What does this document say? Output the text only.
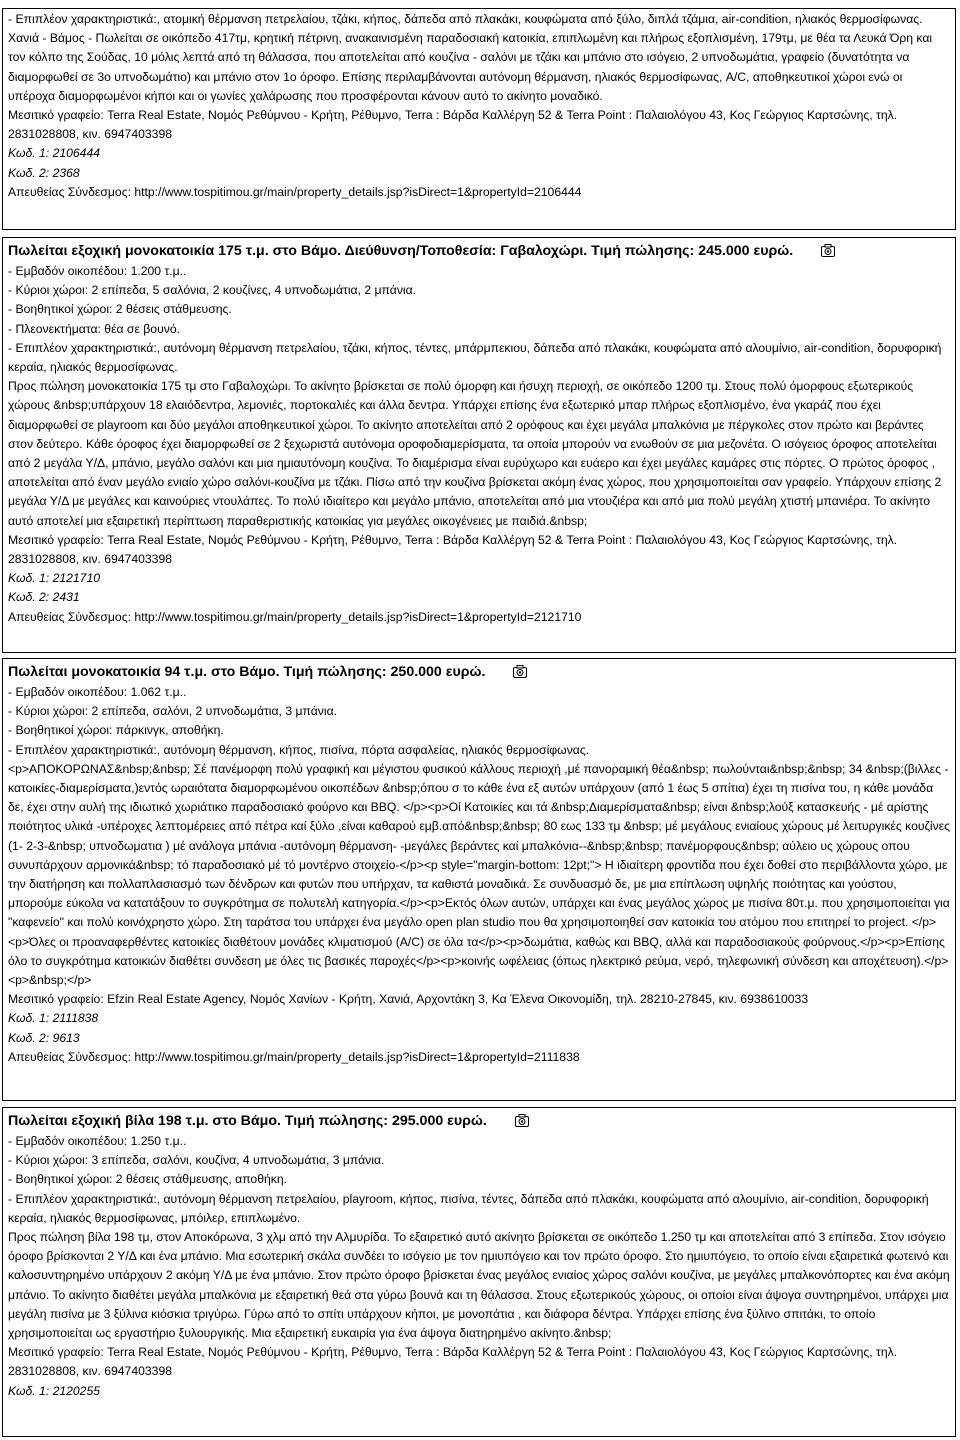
- Επιπλέον χαρακτηριστικά:, ατομική θέρμανση πετρελαίου, τζάκι, κήπος, δάπεδα από πλακάκι, κουφώματα από ξύλο, διπλά τζάμια, air-condition, ηλιακός θερμοσίφωνας.

Χανιά - Βάμος - Πωλείται σε οικόπεδο 417τμ, κρητική πέτρινη, ανακαινισμένη παραδοσιακή κατοικία, επιπλωμένη και πλήρως εξοπλισμένη, 179τμ, με θέα τα Λευκά Όρη και τον κόλπο της Σούδας, 10 μόλις λεπτά από τη θάλασσα, που αποτελείται από κουζίνα - σαλόνι με τζάκι και μπάνιο στο ισόγειο, 2 υπνοδωμάτια, γραφείο (δυνατότητα να διαμορφωθεί σε 3ο υπνοδωμάτιο) και μπάνιο στον 1ο όροφο. Επίσης περιλαμβάνονται αυτόνομη θέρμανση, ηλιακός θερμοσίφωνας, A/C, αποθηκευτικοί χώροι ενώ οι υπέροχα διαμορφωμένοι κήποι και οι γωνίες χαλάρωσης που προσφέρονται κάνουν αυτό το ακίνητο μοναδικό.

Μεσιτικό γραφείο: Terra Real Estate, Νομός Ρεθύμνου - Κρήτη, Ρέθυμνο, Terra : Βάρδα Καλλέργη 52 & Terra Point : Παλαιολόγου 43, Κος Γεώργιος Καρτσώνης, τηλ. 2831028808, κιν. 6947403398

Κωδ. 1: 2106444

Κωδ. 2: 2368

Απευθείας Σύνδεσμος: http://www.tospitimou.gr/main/property_details.jsp?isDirect=1&propertyId=2106444

Πωλείται εξοχική μονοκατοικία 175 τ.μ. στο Βάμο. Διεύθυνση/Τοποθεσία: Γαβαλοχώρι. Τιμή πώλησης: 245.000 ευρώ.

- Εμβαδόν οικοπέδου: 1.200 τ.μ..

- Κύριοι χώροι: 2 επίπεδα, 5 σαλόνια, 2 κουζίνες, 4 υπνοδωμάτια, 2 μπάνια.

- Βοηθητικοί χώροι: 2 θέσεις στάθμευσης.

- Πλεονεκτήματα: θέα σε βουνό.

- Επιπλέον χαρακτηριστικά:, αυτόνομη θέρμανση πετρελαίου, τζάκι, κήπος, τέντες, μπάρμπεκιου, δάπεδα από πλακάκι, κουφώματα από αλουμίνιο, air-condition, δορυφορική κεραία, ηλιακός θερμοσίφωνας.

Προς πώληση μονοκατοικία 175 τμ στο Γαβαλοχώρι. Το ακίνητο βρίσκεται σε πολύ όμορφη και ήσυχη περιοχή, σε οικόπεδο 1200 τμ. Στους πολύ όμορφους εξωτερικούς χώρους &nbsp;υπάρχουν 18 ελαιόδεντρα, λεμονιές, πορτοκαλιές και άλλα δεντρα. Υπάρχει επίσης ένα εξωτερικό μπαρ πλήρως εξοπλισμένο, ένα γκαράζ που έχει διαμορφωθεί σε playroom και δύο μεγάλοι αποθηκευτικοί χώροι. Το ακίνητο αποτελείται από 2 ορόφους και έχει μεγάλα μπαλκόνια με πέργκολες στον πρώτο και βεράντες στον δεύτερο. Κάθε όροφος έχει διαμορφωθεί σε 2 ξεχωριστά αυτόνομα οροφοδιαμερίσματα, τα οποία μπορούν να ενωθούν σε μια μεζονέτα. Ο ισόγειος όροφος αποτελείται από 2 μεγάλα Υ/Δ, μπάνιο, μεγάλο σαλόνι και μια ημιαυτόνομη κουζίνα. Το διαμέρισμα είναι ευρύχωρο και ευάερο και έχει μεγάλες καμάρες στις πόρτες. Ο πρώτος όροφος , αποτελείται από έναν μεγάλο ενιαίο χώρο σαλόνι-κουζίνα με τζάκι. Πίσω από την κουζίνα βρίσκεται ακόμη ένας χώρος, που χρησιμοποιείται σαν γραφείο. Υπάρχουν επίσης 2 μεγάλα Υ/Δ με μεγάλες και καινούριες ντουλάπες. Το πολύ ιδιαίτερο και μεγάλο μπάνιο, αποτελείται από μια ντουζιέρα και από μια πολύ μεγάλη χτιστή μπανιέρα. Το ακίνητο αυτό αποτελεί μια εξαιρετική περίπτωση παραθεριστικής κατοικίας για μεγάλες οικογένειες με παιδιά.&nbsp;

Μεσιτικό γραφείο: Terra Real Estate, Νομός Ρεθύμνου - Κρήτη, Ρέθυμνο, Terra : Βάρδα Καλλέργη 52 & Terra Point : Παλαιολόγου 43, Κος Γεώργιος Καρτσώνης, τηλ. 2831028808, κιν. 6947403398

Κωδ. 1: 2121710

Κωδ. 2: 2431

Απευθείας Σύνδεσμος: http://www.tospitimou.gr/main/property_details.jsp?isDirect=1&propertyId=2121710

Πωλείται μονοκατοικία 94 τ.μ. στο Βάμο. Τιμή πώλησης: 250.000 ευρώ.

- Εμβαδόν οικοπέδου: 1.062 τ.μ..

- Κύριοι χώροι: 2 επίπεδα, σαλόνι, 2 υπνοδωμάτια, 3 μπάνια.

- Βοηθητικοί χώροι: πάρκινγκ, αποθήκη.

- Επιπλέον χαρακτηριστικά:, αυτόνομη θέρμανση, κήπος, πισίνα, πόρτα ασφαλείας, ηλιακός θερμοσίφωνας.

<p>ΑΠΟΚΟΡΩΝΑΣ&nbsp;&nbsp; Σέ πανέμορφη πολύ γραφική και μέγιστου φυσικού κάλλους περιοχή ,μέ πανοραμική θέα&nbsp; πωλούνται&nbsp;&nbsp; 34 &nbsp;(βιλλες - κατοικίες-διαμερίσματα,)εντός ωραιότατα διαμορφωμένου οικοπέδων &nbsp;όπου σ το κάθε ένα εξ αυτών υπάρχουν (από 1 έως 5 σπίτια) έχει τη πισίνα του, η κάθε μονάδα δε, έχει στην αυλή της ιδιωτικό χωριάτικο παραδοσιακό φούρνο και BBQ. </p><p>Οί Κατοικίες και τά &nbsp;Διαμερίσματα&nbsp; είναι &nbsp;λούξ κατασκευής - μέ αρίστης ποιότητος υλικά -υπέροχες λεπτομέρειες από πέτρα καί ξύλο ,είναι καθαρού εμβ.από&nbsp;&nbsp; 80 εως 133 τμ &nbsp; μέ μεγάλους ενιαίους χώρους μέ λειτυργικές κουζίνες (1- 2-3-&nbsp; υπνοδωματια ) μέ ανάλογα μπάνια -αυτόνομη θέρμανση- -μεγάλες βεράντες καί μπαλκόνια--&nbsp;&nbsp; πανέμορφους&nbsp; αύλειο υς χώρους οπου συνυπάρχουν αρμονικά&nbsp; τό παραδοσιακό μέ τό μοντέρνο στοιχείο-</p><p style="margin-bottom: 12pt;"> Η ιδιαίτερη φροντίδα που έχει δοθεί στο περιβάλλοντα χώρο, με την διατήρηση και πολλαπλασιασμό των δένδρων και φυτών που υπήρχαν, τα καθιστά μοναδικά. Σε συνδυασμό δε, με μια επίπλωση υψηλής ποιότητας και γούστου, μπορούμε εύκολα να κατατάξουν το συγκρότημα σε πολυτελή κατηγορία.</p><p>Εκτός όλων αυτών, υπάρχει και ένας μεγάλος χώρος με πισίνα 80τ.μ. που χρησιμοποιείται για "καφενείο" και πολύ κοινόχρηστο χώρο. Στη ταράτσα του υπάρχει ένα μεγάλο open plan studio που θα χρησιμοποιηθεί σαν κατοικία του ατόμου που επιτηρεί το project. </p><p>Όλες οι προαναφερθέντες κατοικίες διαθέτουν μονάδες κλιματισμού (A/C) σε όλα τα</p><p>δωμάτια, καθώς και BBQ, αλλά και παραδοσιακούς φούρνους.</p><p>Επίσης όλο το συγκρότημα κατοικιών διαθέτει συνδεση με όλες τις βασικές παροχές</p><p>κοινής ωφέλειας (όπως ηλεκτρικό ρεύμα, νερό, τηλεφωνική σύνδεση και αποχέτευση).</p><p>&nbsp;</p>

Μεσιτικό γραφείο: Efzin Real Estate Agency, Νομός Χανίων - Κρήτη, Χανιά, Αρχοντάκη 3, Κα Έλενα Οικονομίδη, τηλ. 28210-27845, κιν. 6938610033

Κωδ. 1: 2111838

Κωδ. 2: 9613

Απευθείας Σύνδεσμος: http://www.tospitimou.gr/main/property_details.jsp?isDirect=1&propertyId=2111838

Πωλείται εξοχική βίλα 198 τ.μ. στο Βάμο. Τιμή πώλησης: 295.000 ευρώ.

- Εμβαδόν οικοπέδου: 1.250 τ.μ..

- Κύριοι χώροι: 3 επίπεδα, σαλόνι, κουζίνα, 4 υπνοδωμάτια, 3 μπάνια.

- Βοηθητικοί χώροι: 2 θέσεις στάθμευσης, αποθήκη.

- Επιπλέον χαρακτηριστικά:, αυτόνομη θέρμανση πετρελαίου, playroom, κήπος, πισίνα, τέντες, δάπεδα από πλακάκι, κουφώματα από αλουμίνιο, air-condition, δορυφορική κεραία, ηλιακός θερμοσίφωνας, μπόιλερ, επιπλωμένο.

Προς πώληση βίλα 198 τμ, στον Αποκόρωνα, 3 χλμ από την Αλμυρίδα. Το εξαιρετικό αυτό ακίνητο βρίσκεται σε οικόπεδο 1.250 τμ και αποτελείται από 3 επίπεδα. Στον ισόγειο όροφο βρίσκονται 2 Υ/Δ και ένα μπάνιο. Μια εσωτερική σκάλα συνδέει το ισόγειο με τον ημιυπόγειο και τον πρώτο όροφο. Στο ημιυπόγειο, το οποίο είναι εξαιρετικά φωτεινό και καλοσυντηρημένο υπάρχουν 2 ακόμη Υ/Δ με ένα μπάνιο. Στον πρώτο όροφο βρίσκεται ένας μεγάλος ενιαίος χώρος σαλόνι κουζίνα, με μεγάλες μπαλκονόπορτες και ένα ακόμη μπάνιο. Το ακίνητο διαθέτει μεγάλα μπαλκόνια με εξαιρετική θεά στα γύρω βουνά και τη θάλασσα. Στους εξωτερικούς χώρους, οι οποίοι είναι άψογα συντηρημένοι, υπάρχει μια μεγάλη πισίνα με 3 ξύλινα κιόσκια τριγύρω. Γύρω από το σπίτι υπάρχουν κήποι, με μονοπάτια , και διάφορα δέντρα. Υπάρχει επίσης ένα ξύλινο σπιτάκι, το οποίο χρησιμοποιείται ως εργαστήριο ξυλουργικής. Μια εξαιρετική ευκαιρία για ένα άψογα διατηρημένο ακίνητο.&nbsp;

Μεσιτικό γραφείο: Terra Real Estate, Νομός Ρεθύμνου - Κρήτη, Ρέθυμνο, Terra : Βάρδα Καλλέργη 52 & Terra Point : Παλαιολόγου 43, Κος Γεώργιος Καρτσώνης, τηλ. 2831028808, κιν. 6947403398

Κωδ. 1: 2120255
